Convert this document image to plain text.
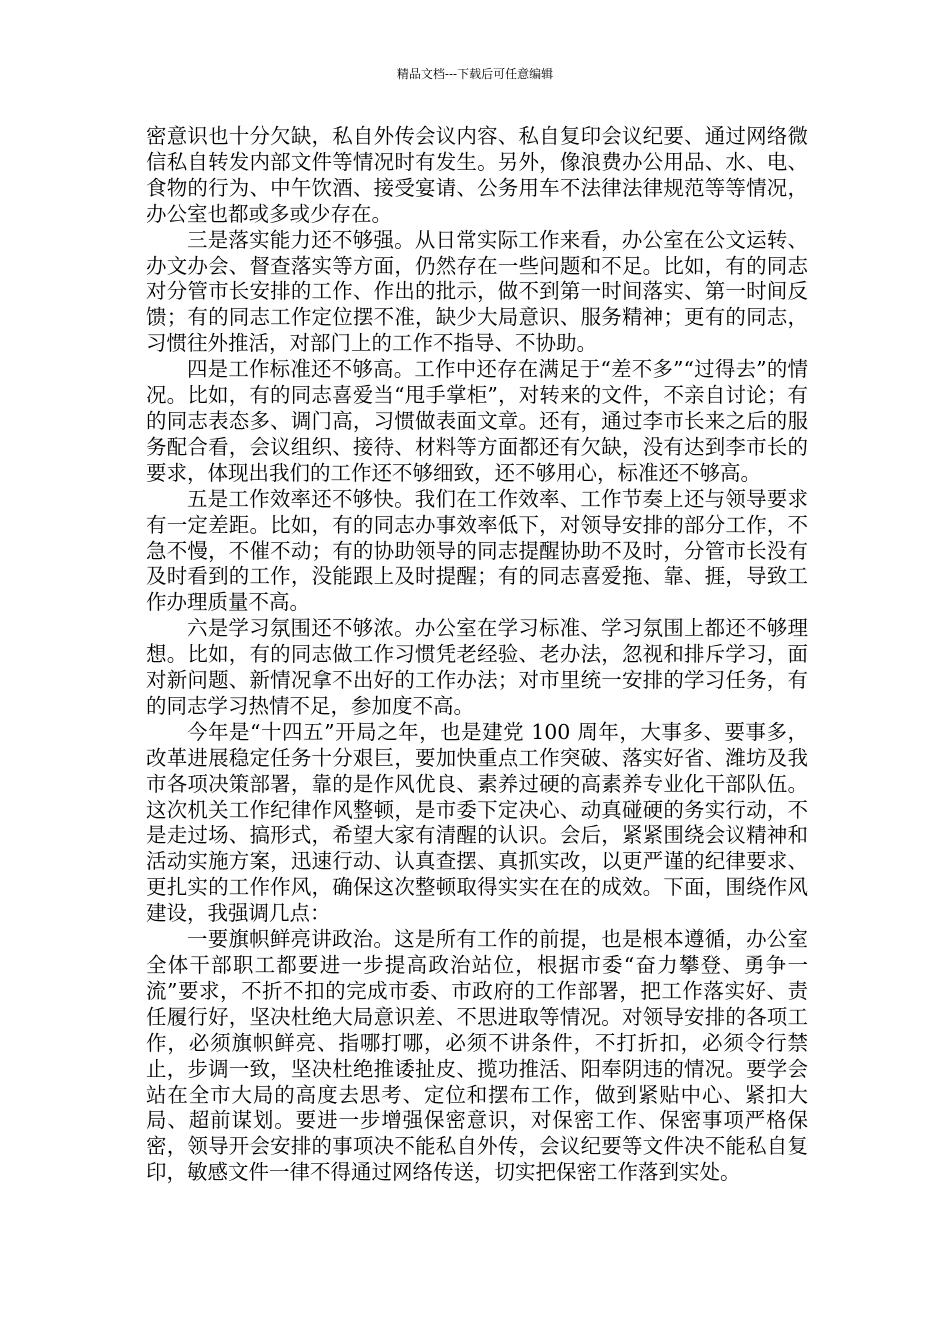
精品文档---下载后可任意编辑

密意识也十分欠缺，私自外传会议内容、私自复印会议纪要、通过网络微信私自转发内部文件等情况时有发生。另外，像浪费办公用品、水、电、食物的行为、中午饮酒、接受宴请、公务用车不法律法律规范等等情况，办公室也都或多或少存在。

三是落实能力还不够强。从日常实际工作来看，办公室在公文运转、办文办会、督查落实等方面，仍然存在一些问题和不足。比如，有的同志对分管市长安排的工作、作出的批示，做不到第一时间落实、第一时间反馈；有的同志工作定位摆不准，缺少大局意识、服务精神；更有的同志，习惯往外推活，对部门上的工作不指导、不协助。

四是工作标准还不够高。工作中还存在满足于“差不多”“过得去”的情况。比如，有的同志喜爱当“甩手掌柜”，对转来的文件，不亲自讨论；有的同志表态多、调门高，习惯做表面文章。还有，通过李市长来之后的服务配合看，会议组织、接待、材料等方面都还有欠缺，没有达到李市长的要求，体现出我们的工作还不够细致，还不够用心，标准还不够高。

五是工作效率还不够快。我们在工作效率、工作节奏上还与领导要求有一定差距。比如，有的同志办事效率低下，对领导安排的部分工作，不急不慢，不催不动；有的协助领导的同志提醒协助不及时，分管市长没有及时看到的工作，没能跟上及时提醒；有的同志喜爱拖、靠、捱，导致工作办理质量不高。

六是学习氛围还不够浓。办公室在学习标准、学习氛围上都还不够理想。比如，有的同志做工作习惯凭老经验、老办法，忽视和排斥学习，面对新问题、新情况拿不出好的工作办法；对市里统一安排的学习任务，有的同志学习热情不足，参加度不高。

今年是“十四五”开局之年，也是建党 100 周年，大事多、要事多，改革进展稳定任务十分艰巨，要加快重点工作突破、落实好省、潍坊及我市各项决策部署，靠的是作风优良、素养过硬的高素养专业化干部队伍。这次机关工作纪律作风整顿，是市委下定决心、动真碰硬的务实行动，不是走过场、搞形式，希望大家有清醒的认识。会后，紧紧围绕会议精神和活动实施方案，迅速行动、认真查摆、真抓实改，以更严谨的纪律要求、更扎实的工作作风，确保这次整顿取得实实在在的成效。下面，围绕作风建设，我强调几点：

一要旗帜鲜亮讲政治。这是所有工作的前提，也是根本遵循，办公室全体干部职工都要进一步提高政治站位，根据市委“奋力攀登、勇争一流”要求，不折不扣的完成市委、市政府的工作部署，把工作落实好、责任履行好，坚决杜绝大局意识差、不思进取等情况。对领导安排的各项工作，必须旗帜鲜亮、指哪打哪，必须不讲条件，不打折扣，必须令行禁止，步调一致，坚决杜绝推诿扯皮、揽功推活、阳奉阴违的情况。要学会站在全市大局的高度去思考、定位和摆布工作，做到紧贴中心、紧扣大局、超前谋划。要进一步增强保密意识，对保密工作、保密事项严格保密，领导开会安排的事项决不能私自外传，会议纪要等文件决不能私自复印，敏感文件一律不得通过网络传送，切实把保密工作落到实处。
